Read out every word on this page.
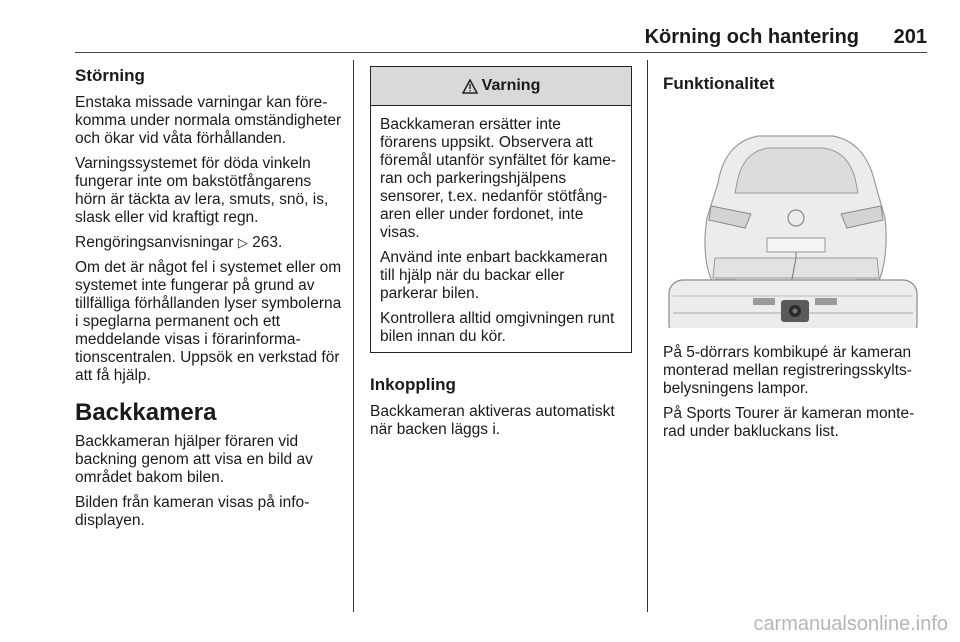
Körning och hantering 201
Störning

Enstaka missade varningar kan förekomma under normala omständigheter och ökar vid våta förhållanden.

Varningssystemet för döda vinkeln fungerar inte om bakstötfångarens hörn är täckta av lera, smuts, snö, is, slask eller vid kraftigt regn.

Rengöringsanvisningar ▷ 263.

Om det är något fel i systemet eller om systemet inte fungerar på grund av tillfälliga förhållanden lyser symbolerna i speglarna permanent och ett meddelande visas i förarinformationscentralen. Uppsök en verkstad för att få hjälp.

Backkamera

Backkameran hjälper föraren vid backning genom att visa en bild av området bakom bilen.

Bilden från kameran visas på infodisplayen.

Varning

Backkameran ersätter inte förarens uppsikt. Observera att föremål utanför synfältet för kameran och parkeringshjälpens sensorer, t.ex. nedanför stötfångaren eller under fordonet, inte visas.

Använd inte enbart backkameran till hjälp när du backar eller parkerar bilen.

Kontrollera alltid omgivningen runt bilen innan du kör.

Inkoppling

Backkameran aktiveras automatiskt när backen läggs i.

Funktionalitet

På 5-dörrars kombikupé är kameran monterad mellan registreringsskyltsbelysningens lampor.

På Sports Tourer är kameran monterad under bakluckans list.

carmanualsonline.info
